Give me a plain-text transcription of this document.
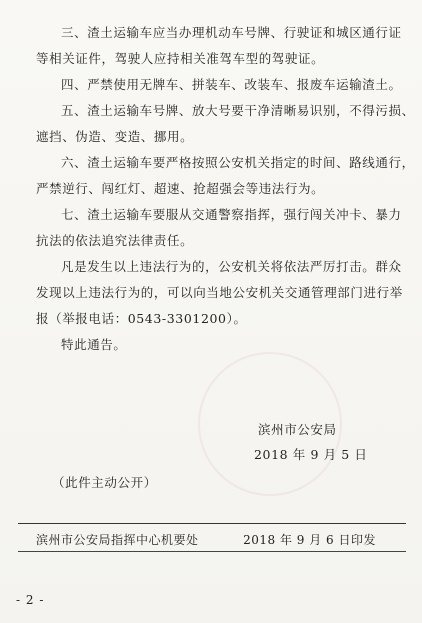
三、渣土运输车应当办理机动车号牌、行驶证和城区通行证
等相关证件，驾驶人应持相关准驾车型的驾驶证。
四、严禁使用无牌车、拼装车、改装车、报废车运输渣土。
五、渣土运输车号牌、放大号要干净清晰易识别，不得污损、
遮挡、伪造、变造、挪用。
六、渣土运输车要严格按照公安机关指定的时间、路线通行，
严禁逆行、闯红灯、超速、抢超强会等违法行为。
七、渣土运输车要服从交通警察指挥，强行闯关冲卡、暴力
抗法的依法追究法律责任。
凡是发生以上违法行为的，公安机关将依法严厉打击。群众
发现以上违法行为的，可以向当地公安机关交通管理部门进行举
报（举报电话：0543-3301200）。
特此通告。
滨州市公安局
2018 年 9 月 5 日
（此件主动公开）
滨州市公安局指挥中心机要处	2018 年 9 月 6 日印发
- 2 -
